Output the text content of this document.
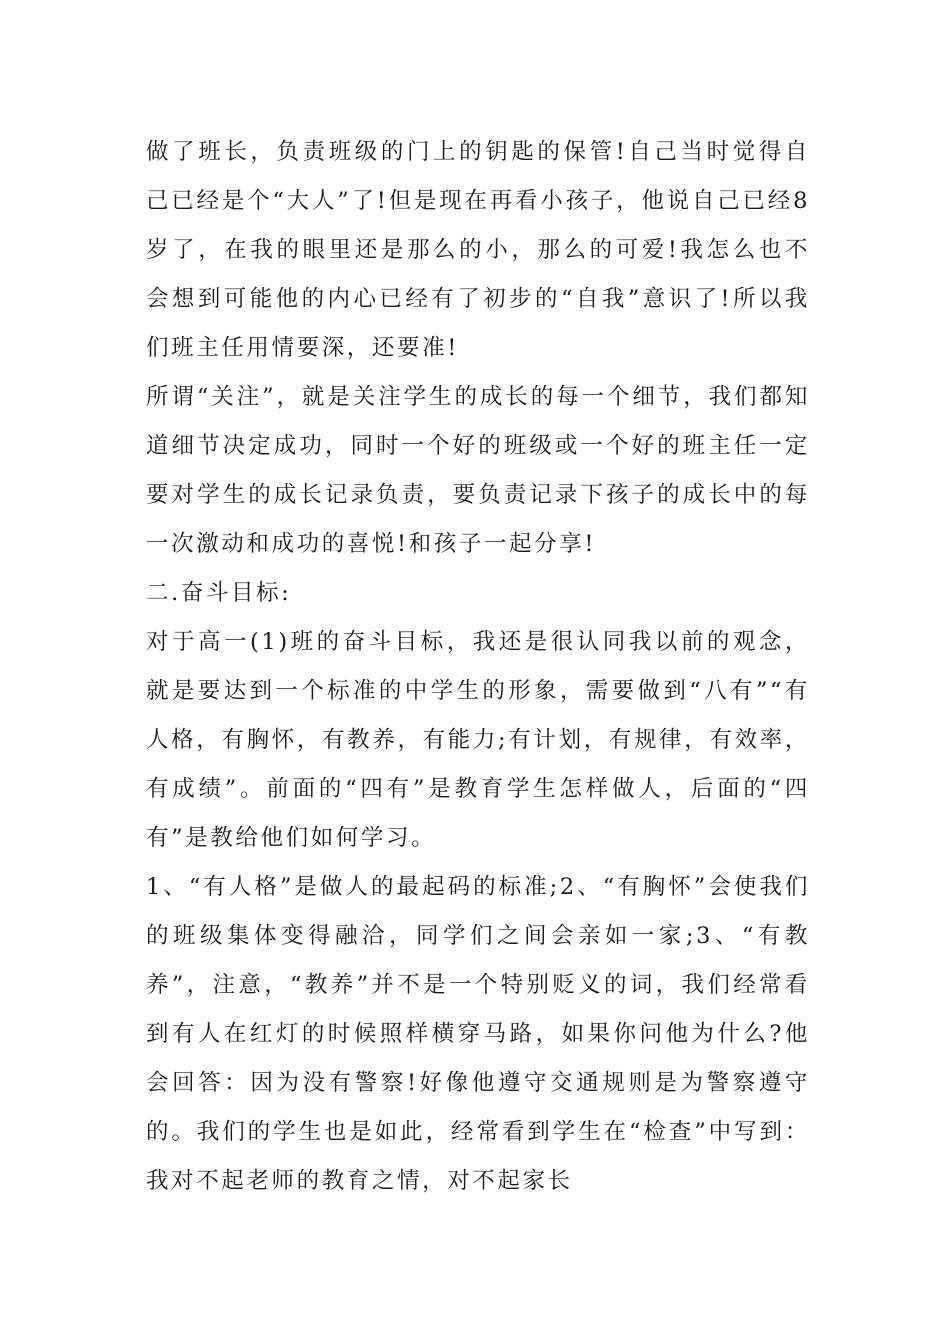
做了班长，负责班级的门上的钥匙的保管!自己当时觉得自己已经是个“大人”了!但是现在再看小孩子，他说自己已经8岁了，在我的眼里还是那么的小，那么的可爱!我怎么也不会想到可能他的内心已经有了初步的“自我”意识了!所以我们班主任用情要深，还要准!

所谓“关注”，就是关注学生的成长的每一个细节，我们都知道细节决定成功，同时一个好的班级或一个好的班主任一定要对学生的成长记录负责，要负责记录下孩子的成长中的每一次激动和成功的喜悦!和孩子一起分享!

二.奋斗目标:

对于高一(1)班的奋斗目标，我还是很认同我以前的观念，就是要达到一个标准的中学生的形象，需要做到“八有”“有人格，有胸怀，有教养，有能力;有计划，有规律，有效率，有成绩”。前面的“四有”是教育学生怎样做人，后面的“四有”是教给他们如何学习。

1、“有人格”是做人的最起码的标准;2、“有胸怀”会使我们的班级集体变得融洽，同学们之间会亲如一家;3、“有教养”，注意，“教养”并不是一个特别贬义的词，我们经常看到有人在红灯的时候照样横穿马路，如果你问他为什么?他会回答：因为没有警察!好像他遵守交通规则是为警察遵守的。我们的学生也是如此，经常看到学生在“检查”中写到：我对不起老师的教育之情，对不起家长
